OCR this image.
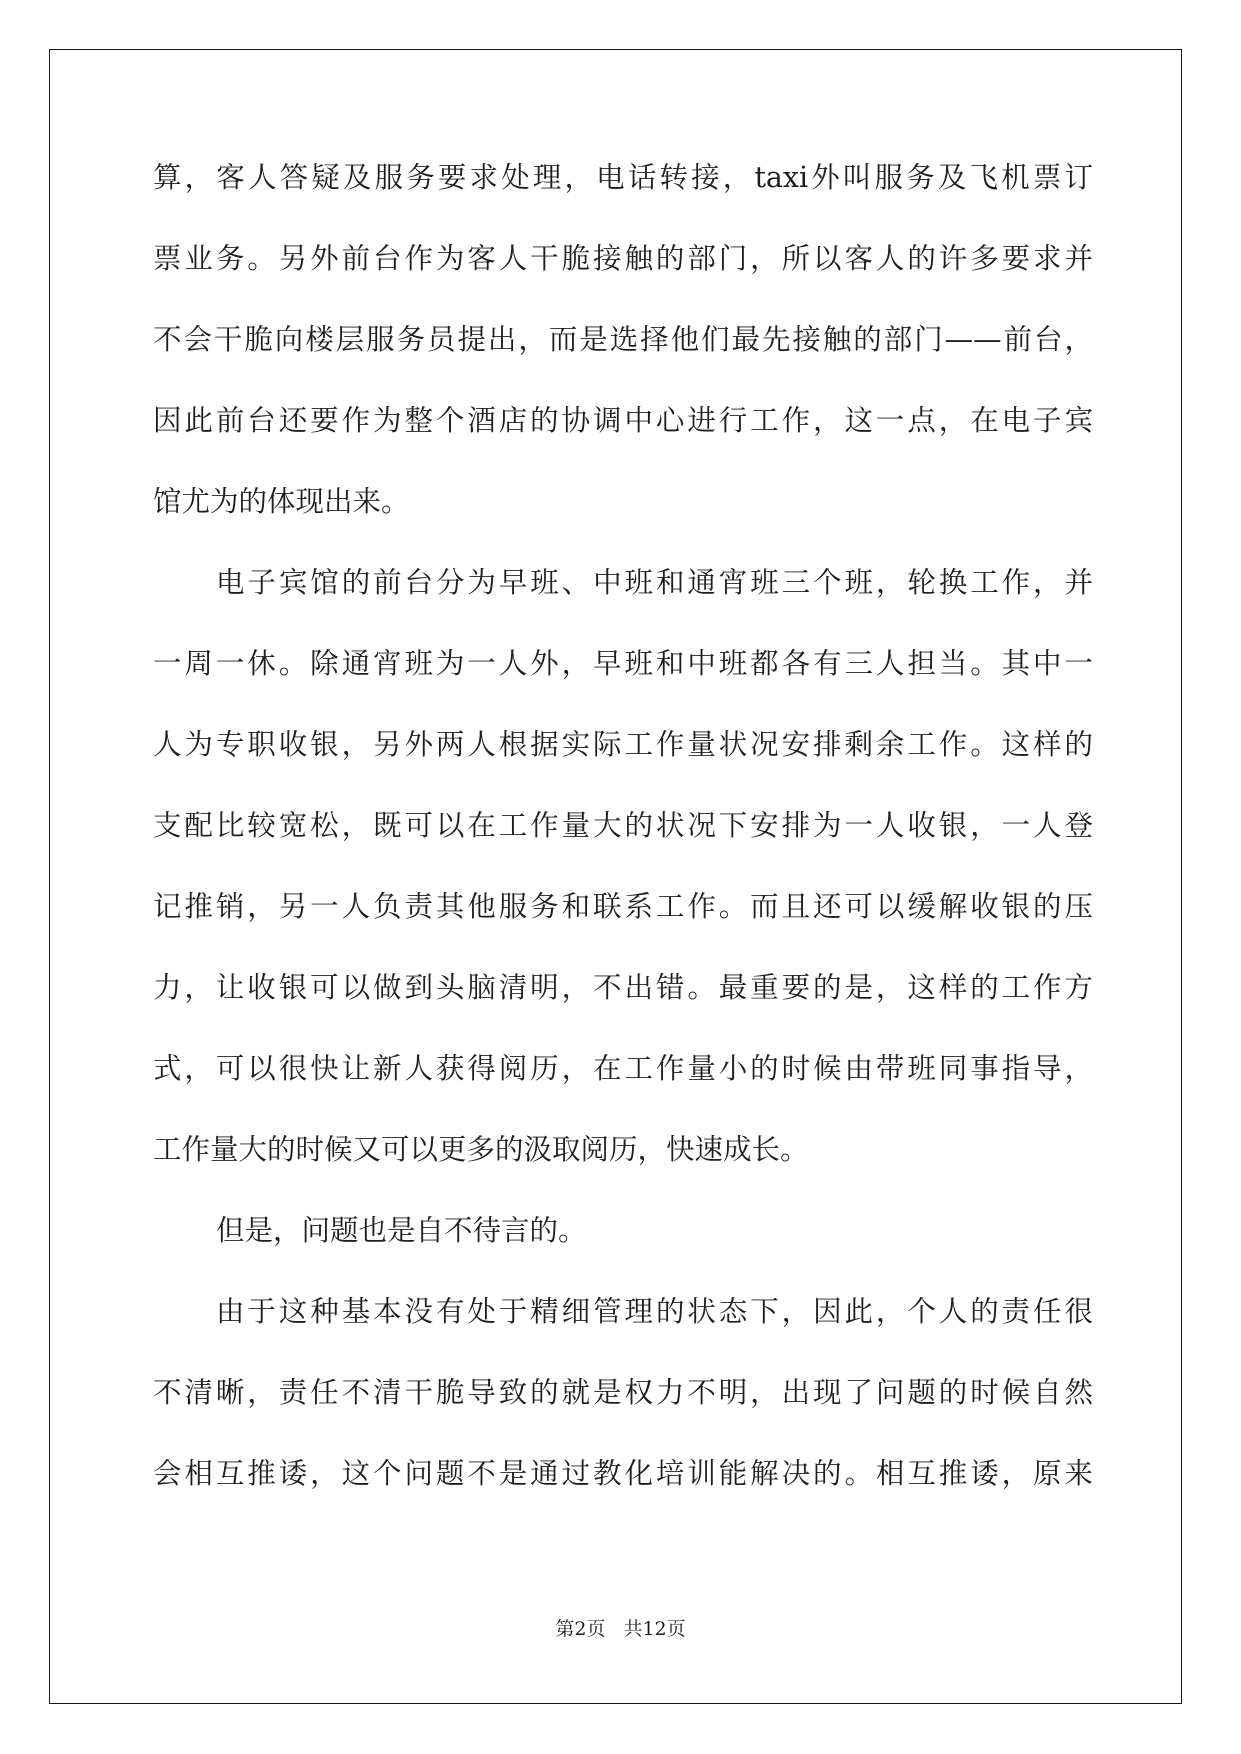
算，客人答疑及服务要求处理，电话转接，taxi外叫服务及飞机票订
票业务。另外前台作为客人干脆接触的部门，所以客人的许多要求并
不会干脆向楼层服务员提出，而是选择他们最先接触的部门——前台，
因此前台还要作为整个酒店的协调中心进行工作，这一点，在电子宾
馆尤为的体现出来。
电子宾馆的前台分为早班、中班和通宵班三个班，轮换工作，并
一周一休。除通宵班为一人外，早班和中班都各有三人担当。其中一
人为专职收银，另外两人根据实际工作量状况安排剩余工作。这样的
支配比较宽松，既可以在工作量大的状况下安排为一人收银，一人登
记推销，另一人负责其他服务和联系工作。而且还可以缓解收银的压
力，让收银可以做到头脑清明，不出错。最重要的是，这样的工作方
式，可以很快让新人获得阅历，在工作量小的时候由带班同事指导，
工作量大的时候又可以更多的汲取阅历，快速成长。
但是，问题也是自不待言的。
由于这种基本没有处于精细管理的状态下，因此，个人的责任很
不清晰，责任不清干脆导致的就是权力不明，出现了问题的时候自然
会相互推诿，这个问题不是通过教化培训能解决的。相互推诿，原来
第2页 共12页
